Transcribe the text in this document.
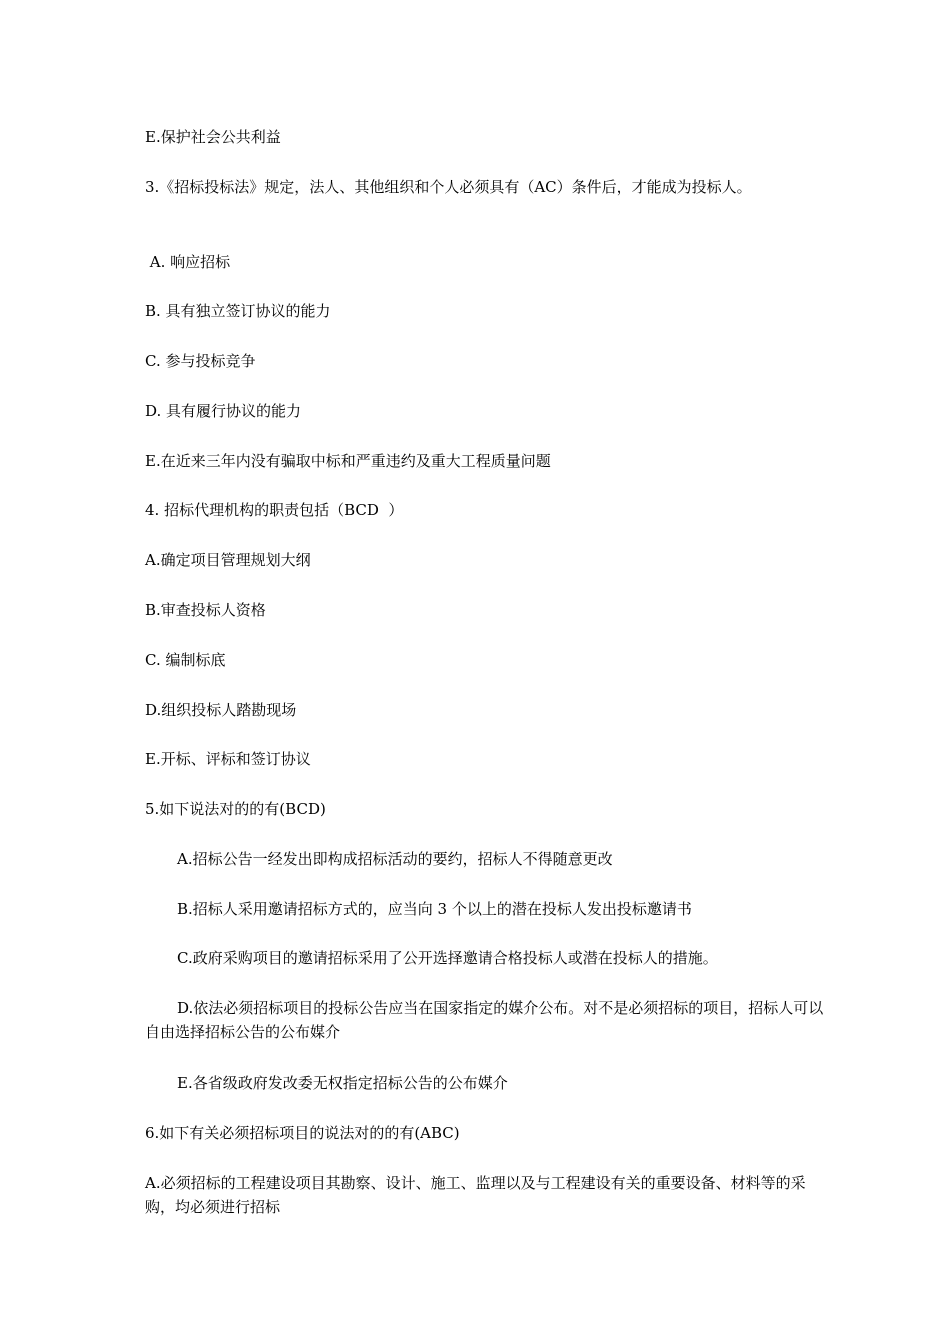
E.保护社会公共利益
3.《招标投标法》规定，法人、其他组织和个人必须具有（AC）条件后，才能成为投标人。
A. 响应招标
B. 具有独立签订协议的能力
C. 参与投标竞争
D. 具有履行协议的能力
E.在近来三年内没有骗取中标和严重违约及重大工程质量问题
4. 招标代理机构的职责包括（BCD  ）
A.确定项目管理规划大纲
B.审查投标人资格
C. 编制标底
D.组织投标人踏勘现场
E.开标、评标和签订协议
5.如下说法对的的有(BCD)
A.招标公告一经发出即构成招标活动的要约，招标人不得随意更改
B.招标人采用邀请招标方式的，应当向 3 个以上的潜在投标人发出投标邀请书
C.政府采购项目的邀请招标采用了公开选择邀请合格投标人或潜在投标人的措施。
D.依法必须招标项目的投标公告应当在国家指定的媒介公布。对不是必须招标的项目，招标人可以自由选择招标公告的公布媒介
E.各省级政府发改委无权指定招标公告的公布媒介
6.如下有关必须招标项目的说法对的的有(ABC)
A.必须招标的工程建设项目其勘察、设计、施工、监理以及与工程建设有关的重要设备、材料等的采购，均必须进行招标
